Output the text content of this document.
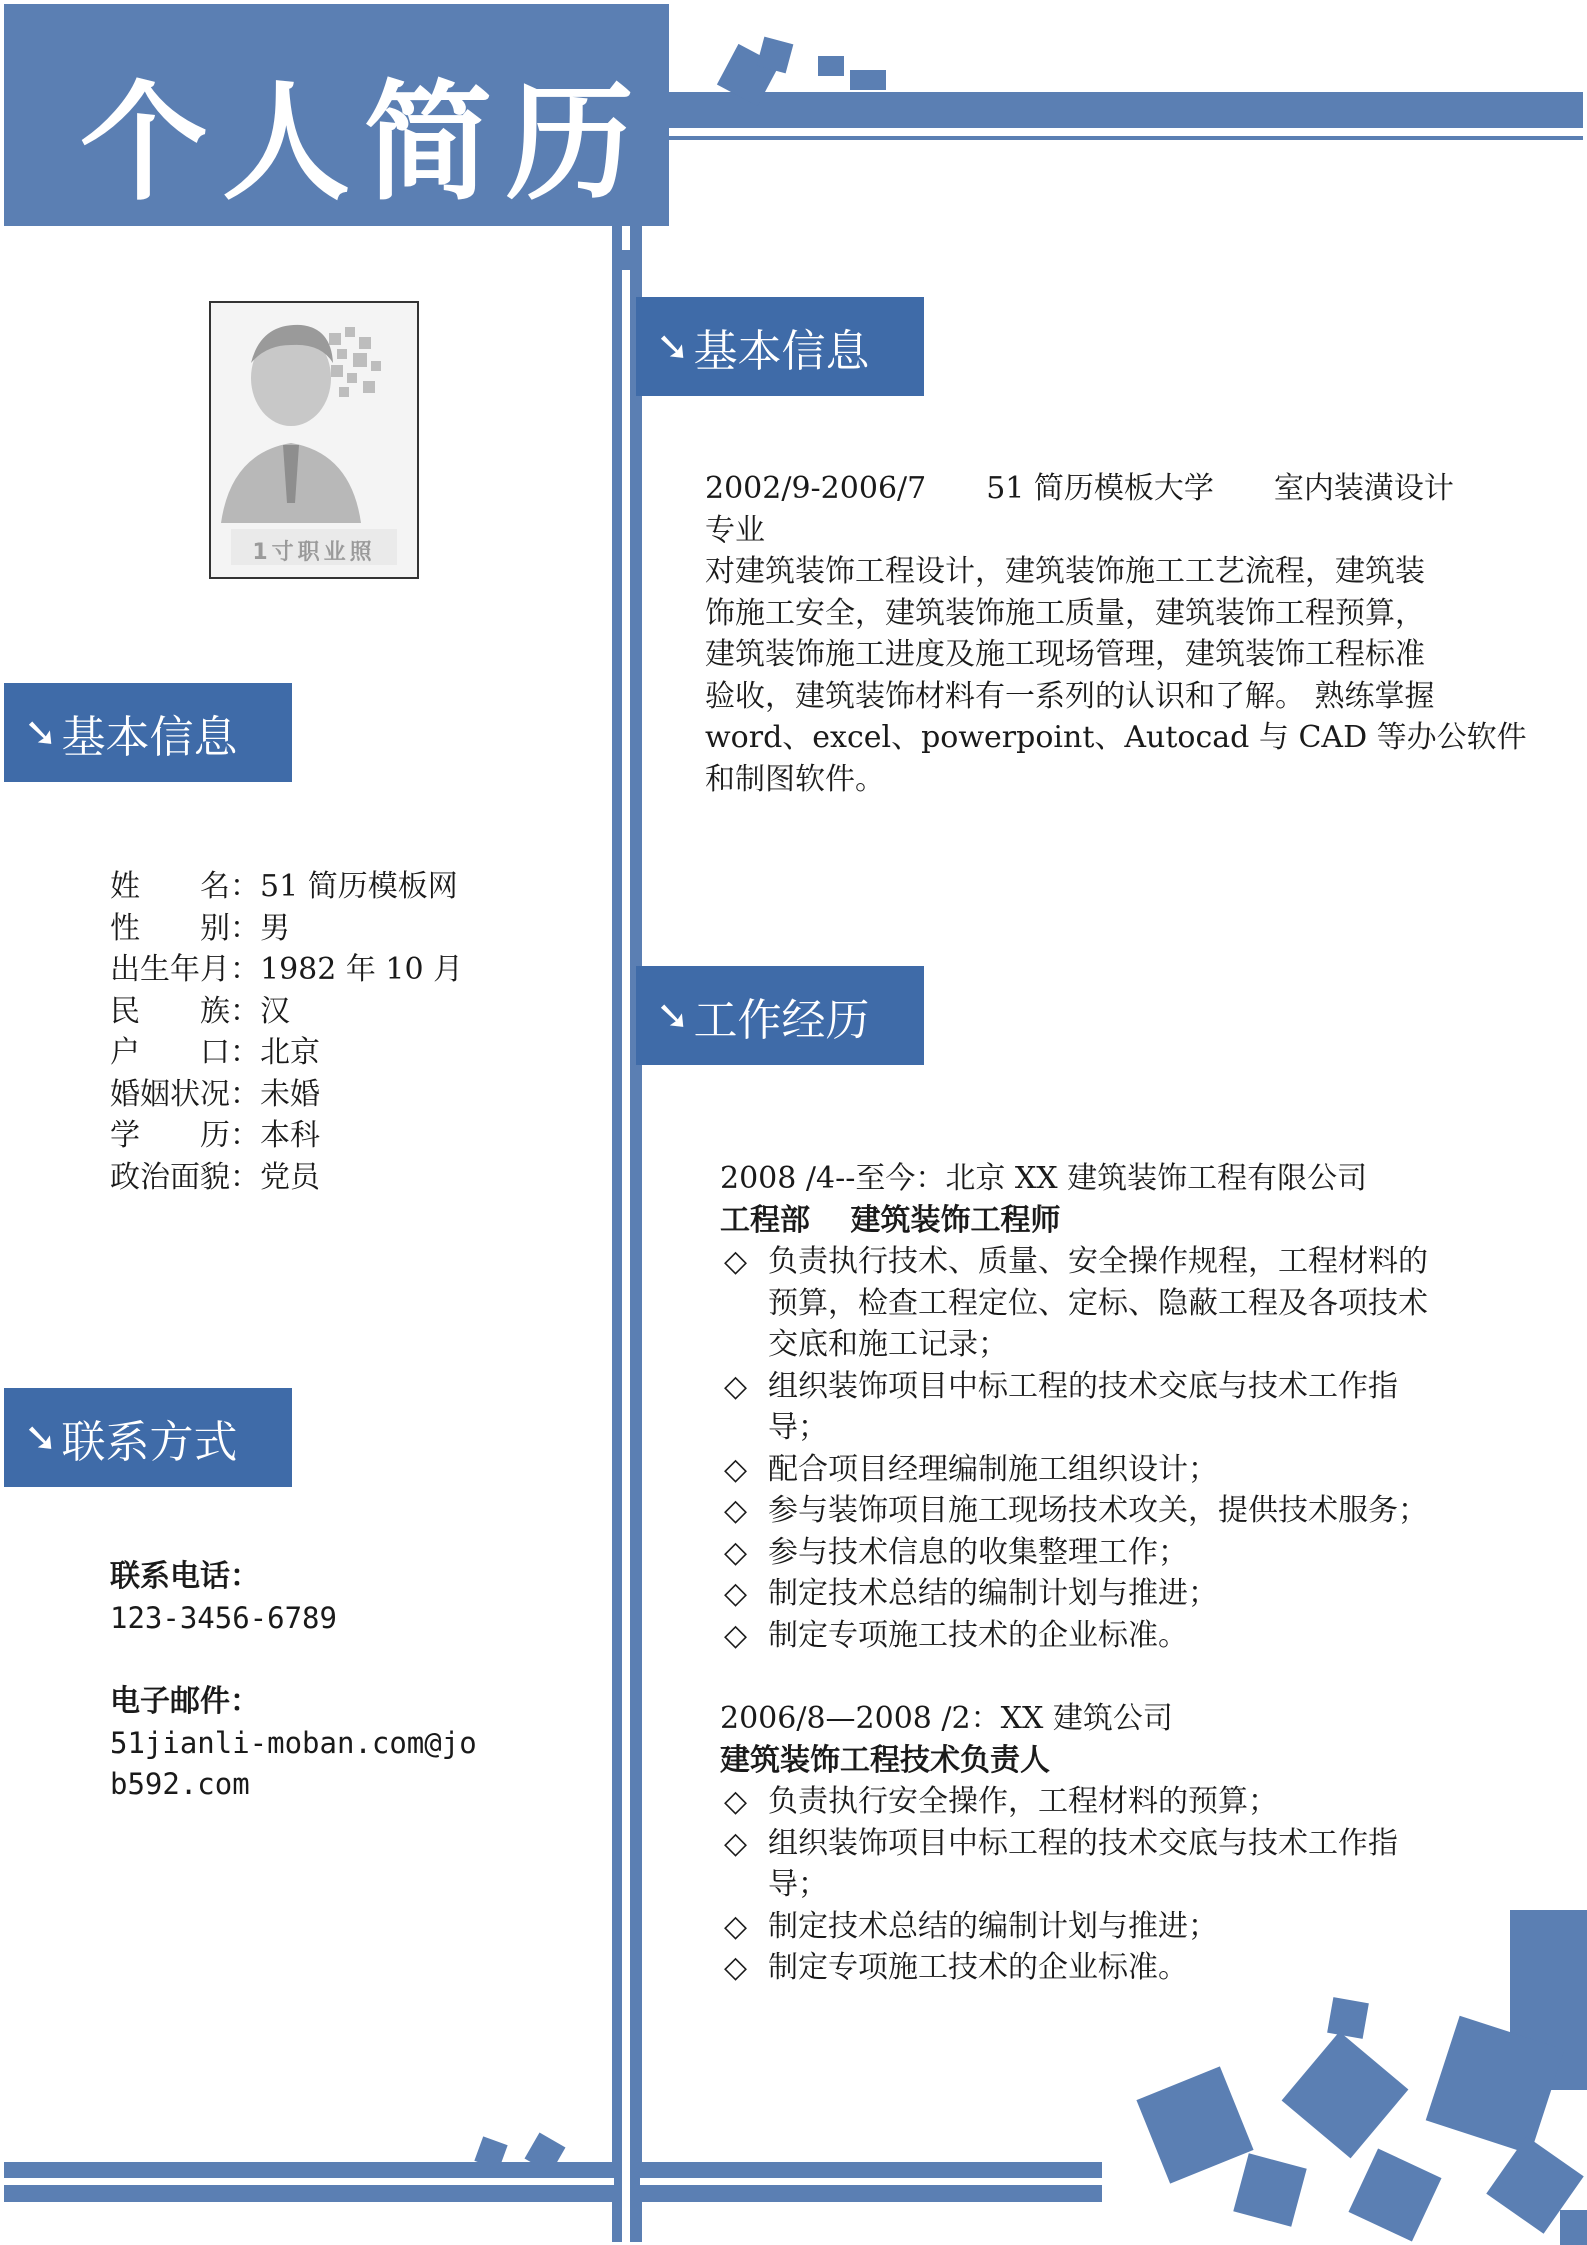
个人简历
1寸职业照
➘ 基本信息
姓　　名：51 简历模板网
性　　别：男
出生年月：1982 年 10 月
民　　族：汉
户　　口：北京
婚姻状况：未婚
学　　历：本科
政治面貌：党员
➘ 联系方式
联系电话：
123-3456-6789
电子邮件：
51jianli-moban.com@jo
b592.com
➘ 基本信息
2002/9-2006/7　　51 简历模板大学　　室内装潢设计
专业
对建筑装饰工程设计，建筑装饰施工工艺流程，建筑装
饰施工安全，建筑装饰施工质量，建筑装饰工程预算，
建筑装饰施工进度及施工现场管理，建筑装饰工程标准
验收，建筑装饰材料有一系列的认识和了解。 熟练掌握
word、excel、powerpoint、Autocad 与 CAD 等办公软件
和制图软件。
➘ 工作经历
2008 /4--至今：北京 XX 建筑装饰工程有限公司
工程部　 建筑装饰工程师
◇ 负责执行技术、质量、安全操作规程，工程材料的
预算，检查工程定位、定标、隐蔽工程及各项技术
交底和施工记录；
◇ 组织装饰项目中标工程的技术交底与技术工作指
导；
◇ 配合项目经理编制施工组织设计；
◇ 参与装饰项目施工现场技术攻关，提供技术服务；
◇ 参与技术信息的收集整理工作；
◇ 制定技术总结的编制计划与推进；
◇ 制定专项施工技术的企业标准。
2006/8—2008 /2：XX 建筑公司
建筑装饰工程技术负责人
◇ 负责执行安全操作，工程材料的预算；
◇ 组织装饰项目中标工程的技术交底与技术工作指
导；
◇ 制定技术总结的编制计划与推进；
◇ 制定专项施工技术的企业标准。
